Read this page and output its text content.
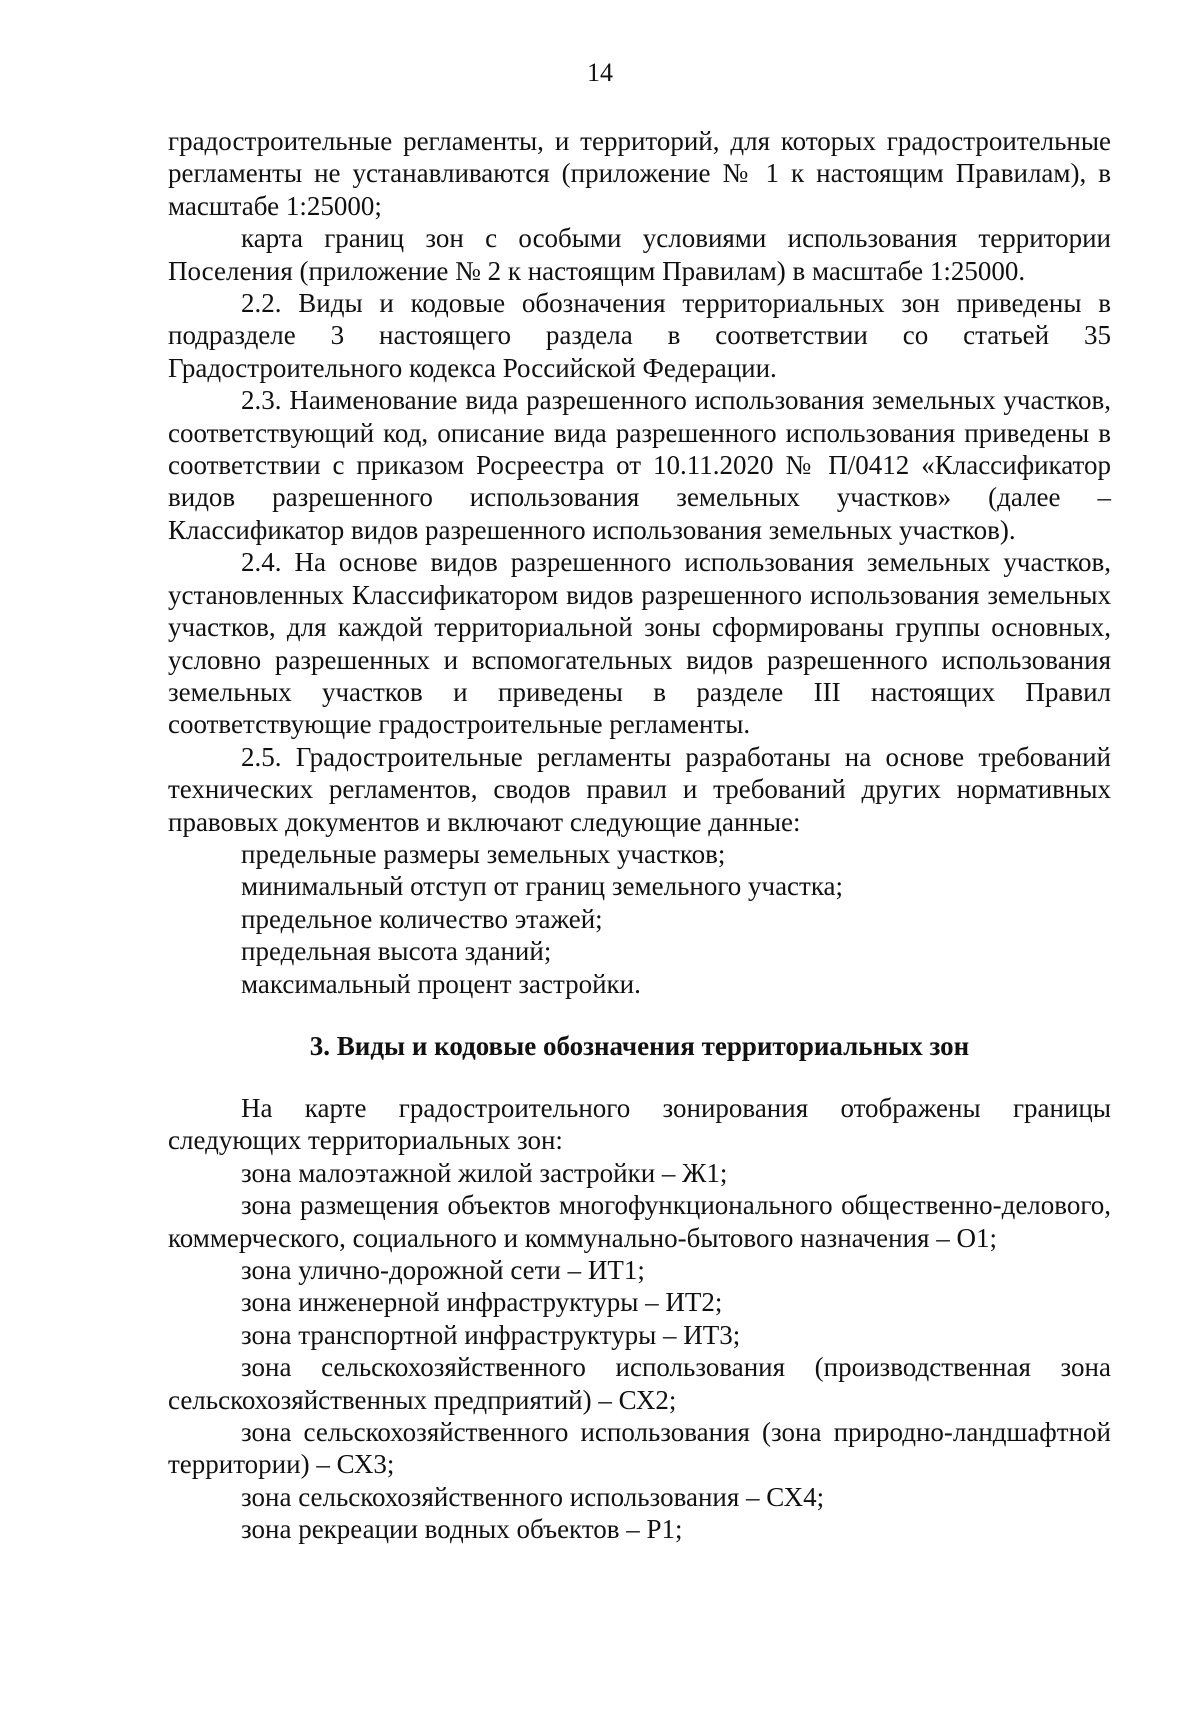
14

градостроительные регламенты, и территорий, для которых градостроительные регламенты не устанавливаются (приложение № 1 к настоящим Правилам), в масштабе 1:25000;

карта границ зон с особыми условиями использования территории Поселения (приложение № 2 к настоящим Правилам) в масштабе 1:25000.

2.2. Виды и кодовые обозначения территориальных зон приведены в подразделе 3 настоящего раздела в соответствии со статьей 35 Градостроительного кодекса Российской Федерации.

2.3. Наименование вида разрешенного использования земельных участков, соответствующий код, описание вида разрешенного использования приведены в соответствии с приказом Росреестра от 10.11.2020 № П/0412 «Классификатор видов разрешенного использования земельных участков» (далее – Классификатор видов разрешенного использования земельных участков).

2.4. На основе видов разрешенного использования земельных участков, установленных Классификатором видов разрешенного использования земельных участков, для каждой территориальной зоны сформированы группы основных, условно разрешенных и вспомогательных видов разрешенного использования земельных участков и приведены в разделе III настоящих Правил соответствующие градостроительные регламенты.

2.5. Градостроительные регламенты разработаны на основе требований технических регламентов, сводов правил и требований других нормативных правовых документов и включают следующие данные:

предельные размеры земельных участков;

минимальный отступ от границ земельного участка;

предельное количество этажей;

предельная высота зданий;

максимальный процент застройки.

3. Виды и кодовые обозначения территориальных зон

На карте градостроительного зонирования отображены границы следующих территориальных зон:

зона малоэтажной жилой застройки – Ж1;

зона размещения объектов многофункционального общественно-делового, коммерческого, социального и коммунально-бытового назначения – О1;

зона улично-дорожной сети – ИТ1;

зона инженерной инфраструктуры – ИТ2;

зона транспортной инфраструктуры – ИТ3;

зона сельскохозяйственного использования (производственная зона сельскохозяйственных предприятий) – СХ2;

зона сельскохозяйственного использования (зона природно-ландшафтной территории) – СХ3;

зона сельскохозяйственного использования – СХ4;

зона рекреации водных объектов – Р1;
